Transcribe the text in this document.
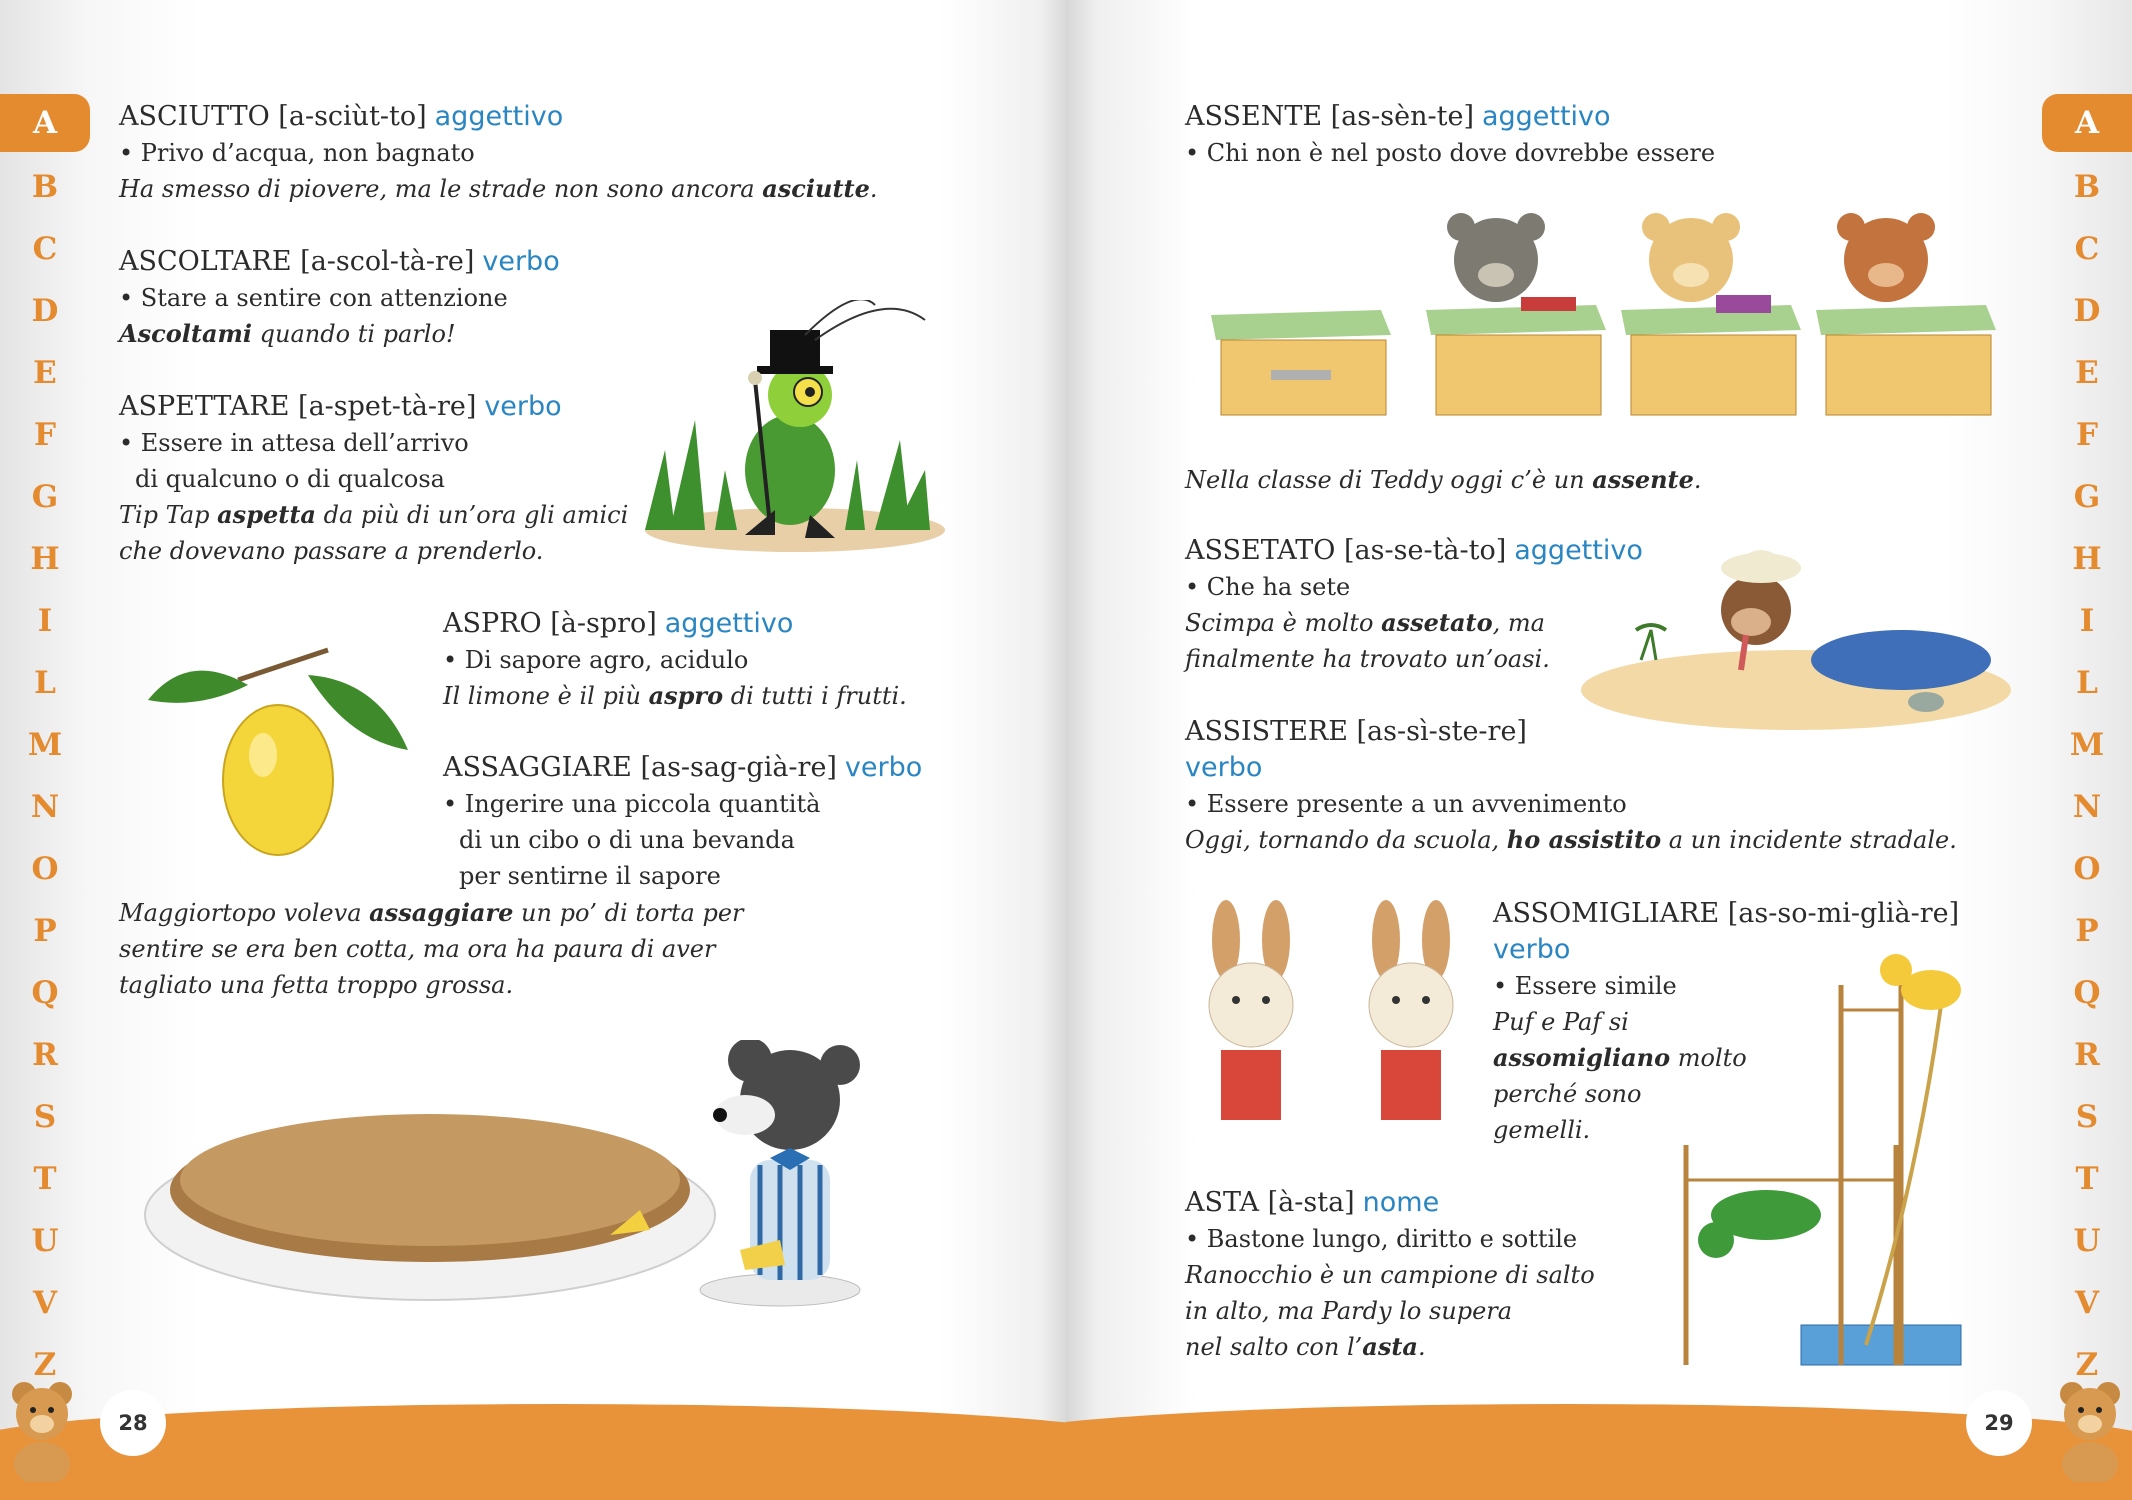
A
B
C
D
E
F
G
H
I
L
M
N
O
P
Q
R
S
T
U
V
Z
ASCIUTTO [a-sciùt-to] aggettivo
• Privo d’acqua, non bagnato
Ha smesso di piovere, ma le strade non sono ancora asciutte.
ASCOLTARE [a-scol-tà-re] verbo
• Stare a sentire con attenzione
Ascoltami quando ti parlo!
ASPETTARE [a-spet-tà-re] verbo
• Essere in attesa dell’arrivo
di qualcuno o di qualcosa
Tip Tap aspetta da più di un’ora gli amici
che dovevano passare a prenderlo.
ASPRO [à-spro] aggettivo
• Di sapore agro, acidulo
Il limone è il più aspro di tutti i frutti.
ASSAGGIARE [as-sag-già-re] verbo
• Ingerire una piccola quantità
di un cibo o di una bevanda
per sentirne il sapore
Maggiortopo voleva assaggiare un po’ di torta per
sentire se era ben cotta, ma ora ha paura di aver
tagliato una fetta troppo grossa.
28
A
B
C
D
E
F
G
H
I
L
M
N
O
P
Q
R
S
T
U
V
Z
ASSENTE [as-sèn-te] aggettivo
• Chi non è nel posto dove dovrebbe essere
Nella classe di Teddy oggi c’è un assente.
ASSETATO [as-se-tà-to] aggettivo
• Che ha sete
Scimpa è molto assetato, ma
finalmente ha trovato un’oasi.
ASSISTERE [as-sì-ste-re]
verbo
• Essere presente a un avvenimento
Oggi, tornando da scuola, ho assistito a un incidente stradale.
ASSOMIGLIARE [as-so-mi-glià-re]
verbo
• Essere simile
Puf e Paf si
assomigliano molto
perché sono
gemelli.
ASTA [à-sta] nome
• Bastone lungo, diritto e sottile
Ranocchio è un campione di salto
in alto, ma Pardy lo supera
nel salto con l’asta.
29
